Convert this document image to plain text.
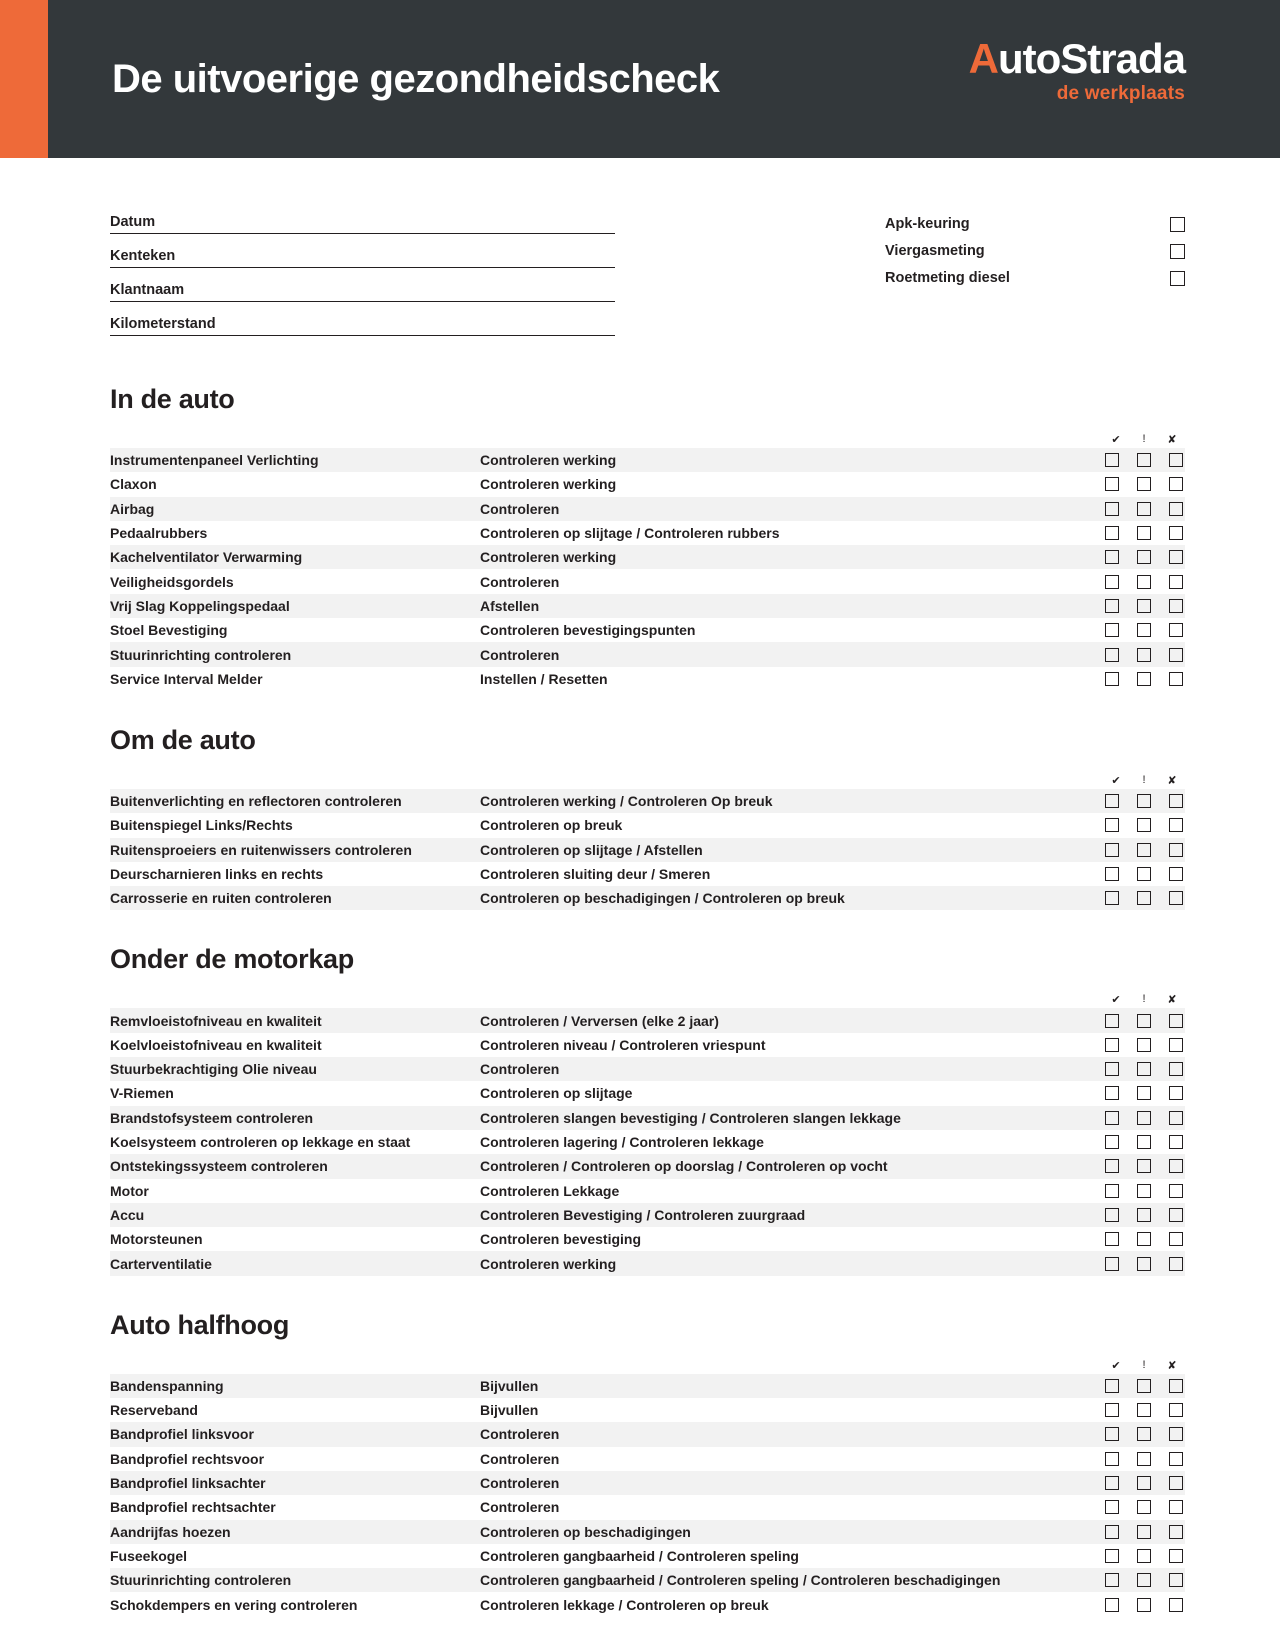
De uitvoerige gezondheidscheck	AutoStrada
de werkplaats
Datum
Kenteken
Klantnaam
Kilometerstand
Apk-keuring
Viergasmeting
Roetmeting diesel
In de auto
✔	!	✘
Instrumentenpaneel Verlichting	Controleren werking
Claxon	Controleren werking
Airbag	Controleren
Pedaalrubbers	Controleren op slijtage / Controleren rubbers
Kachelventilator Verwarming	Controleren werking
Veiligheidsgordels	Controleren
Vrij Slag Koppelingspedaal	Afstellen
Stoel Bevestiging	Controleren bevestigingspunten
Stuurinrichting controleren	Controleren
Service Interval Melder	Instellen / Resetten
Om de auto
✔	!	✘
Buitenverlichting en reflectoren controleren	Controleren werking / Controleren Op breuk
Buitenspiegel Links/Rechts	Controleren op breuk
Ruitensproeiers en ruitenwissers controleren	Controleren op slijtage / Afstellen
Deurscharnieren links en rechts	Controleren sluiting deur / Smeren
Carrosserie en ruiten controleren	Controleren op beschadigingen / Controleren op breuk
Onder de motorkap
✔	!	✘
Remvloeistofniveau en kwaliteit	Controleren / Verversen (elke 2 jaar)
Koelvloeistofniveau en kwaliteit	Controleren niveau / Controleren vriespunt
Stuurbekrachtiging Olie niveau	Controleren
V-Riemen	Controleren op slijtage
Brandstofsysteem controleren	Controleren slangen bevestiging / Controleren slangen lekkage
Koelsysteem controleren op lekkage en staat	Controleren lagering / Controleren lekkage
Ontstekingssysteem controleren	Controleren / Controleren op doorslag / Controleren op vocht
Motor	Controleren Lekkage
Accu	Controleren Bevestiging / Controleren zuurgraad
Motorsteunen	Controleren bevestiging
Carterventilatie	Controleren werking
Auto halfhoog
✔	!	✘
Bandenspanning	Bijvullen
Reserveband	Bijvullen
Bandprofiel linksvoor	Controleren
Bandprofiel rechtsvoor	Controleren
Bandprofiel linksachter	Controleren
Bandprofiel rechtsachter	Controleren
Aandrijfas hoezen	Controleren op beschadigingen
Fuseekogel	Controleren gangbaarheid / Controleren speling
Stuurinrichting controleren	Controleren gangbaarheid / Controleren speling / Controleren beschadigingen
Schokdempers en vering controleren	Controleren lekkage / Controleren op breuk
